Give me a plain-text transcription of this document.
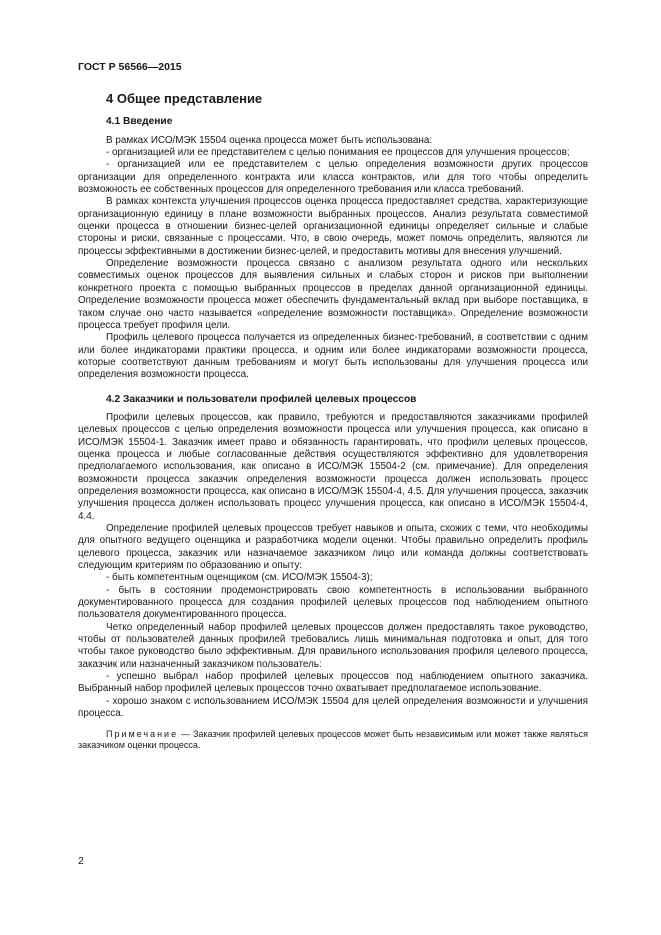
ГОСТ Р 56566—2015
4 Общее представление
4.1 Введение

В рамках ИСО/МЭК 15504 оценка процесса может быть использована:

- организацией или ее представителем с целью понимания ее процессов для улучшения процессов;

- организацией или ее представителем с целью определения возможности других процессов организации для определенного контракта или класса контрактов, или для того чтобы определить возможность ее собственных процессов для определенного требования или класса требований.

В рамках контекста улучшения процессов оценка процесса предоставляет средства, характеризующие организационную единицу в плане возможности выбранных процессов. Анализ результата совместимой оценки процесса в отношении бизнес-целей организационной единицы определяет сильные и слабые стороны и риски, связанные с процессами. Что, в свою очередь, может помочь определить, являются ли процессы эффективными в достижении бизнес-целей, и предоставить мотивы для внесения улучшений.

Определение возможности процесса связано с анализом результата одного или нескольких совместимых оценок процессов для выявления сильных и слабых сторон и рисков при выполнении конкретного проекта с помощью выбранных процессов в пределах данной организационной единицы. Определение возможности процесса может обеспечить фундаментальный вклад при выборе поставщика, в таком случае оно часто называется «определение возможности поставщика». Определение возможности процесса требует профиля цели.

Профиль целевого процесса получается из определенных бизнес-требований, в соответствии с одним или более индикаторами практики процесса, и одним или более индикаторами возможности процесса, которые соответствуют данным требованиям и могут быть использованы для улучшения процесса или определения возможности процесса.

4.2 Заказчики и пользователи профилей целевых процессов

Профили целевых процессов, как правило, требуются и предоставляются заказчиками профилей целевых процессов с целью определения возможности процесса или улучшения процесса, как описано в ИСО/МЭК 15504-1. Заказчик имеет право и обязанность гарантировать, что профили целевых процессов, оценка процесса и любые согласованные действия осуществляются эффективно для удовлетворения предполагаемого использования, как описано в ИСО/МЭК 15504-2 (см. примечание). Для определения возможности процесса заказчик определения возможности процесса должен использовать процесс определения возможности процесса, как описано в ИСО/МЭК 15504-4, 4.5. Для улучшения процесса, заказчик улучшения процесса должен использовать процесс улучшения процесса, как описано в ИСО/МЭК 15504-4, 4.4.

Определение профилей целевых процессов требует навыков и опыта, схожих с теми, что необходимы для опытного ведущего оценщика и разработчика модели оценки. Чтобы правильно определить профиль целевого процесса, заказчик или назначаемое заказчиком лицо или команда должны соответствовать следующим критериям по образованию и опыту:

- быть компетентным оценщиком (см. ИСО/МЭК 15504-3);

- быть в состоянии продемонстрировать свою компетентность в использовании выбранного документированного процесса для создания профилей целевых процессов под наблюдением опытного пользователя документированного процесса.

Четко определенный набор профилей целевых процессов должен предоставлять такое руководство, чтобы от пользователей данных профилей требовались лишь минимальная подготовка и опыт, для того чтобы такое руководство было эффективным. Для правильного использования профиля целевого процесса, заказчик или назначенный заказчиком пользователь:

- успешно выбрал набор профилей целевых процессов под наблюдением опытного заказчика. Выбранный набор профилей целевых процессов точно охватывает предполагаемое использование.

- хорошо знаком с использованием ИСО/МЭК 15504 для целей определения возможности и улучшения процесса.

Примечание — Заказчик профилей целевых процессов может быть независимым или может также являться заказчиком оценки процесса.

2
